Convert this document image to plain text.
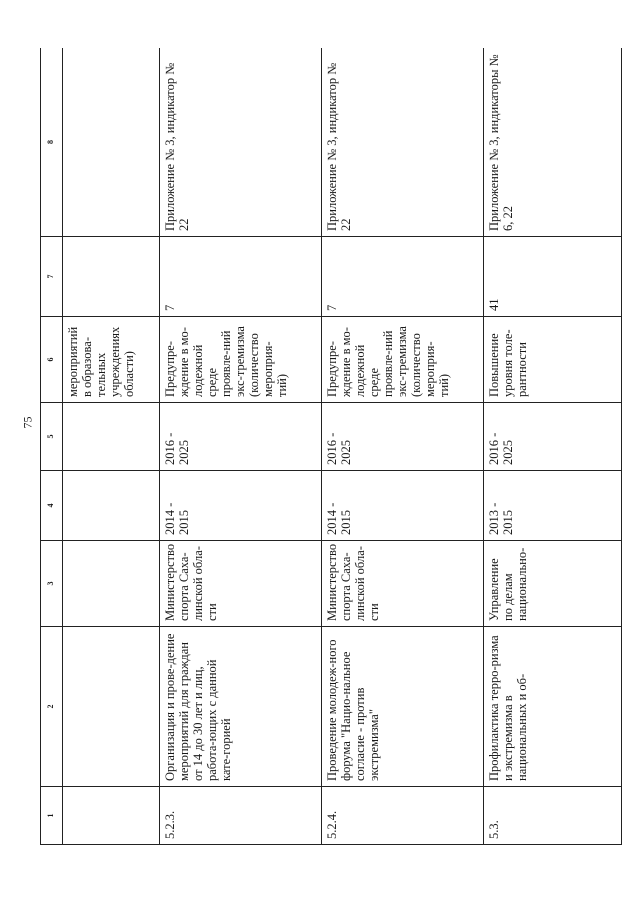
75
1	2	3	4	5	6	7	8
					мероприятий в образова-тельных учреждениях области)		
5.2.3.	Организация и прове-дение мероприятий для граждан от 14 до 30 лет и лиц, работа-ющих с данной кате-горией	Министерство спорта Саха-линской обла-сти	2014 - 2015	2016 - 2025	Предупре-ждение в мо-лодежной среде проявле-ний экс-тремизма (количество мероприя-тий)	7	Приложение № 3, индикатор № 22
5.2.4.	Проведение молодеж-ного форума "Нацио-нальное согласие - против экстремизма"	Министерство спорта Саха-линской обла-сти	2014 - 2015	2016 - 2025	Предупре-ждение в мо-лодежной среде проявле-ний экс-тремизма (количество мероприя-тий)	7	Приложение № 3, индикатор № 22
5.3.	Профилактика терро-ризма и экстремизма в национальных и об-	Управление по делам национально-	2013 - 2015	2016 - 2025	Повышение уровня толе-рантности	41	Приложение № 3, индикаторы № 6, 22
